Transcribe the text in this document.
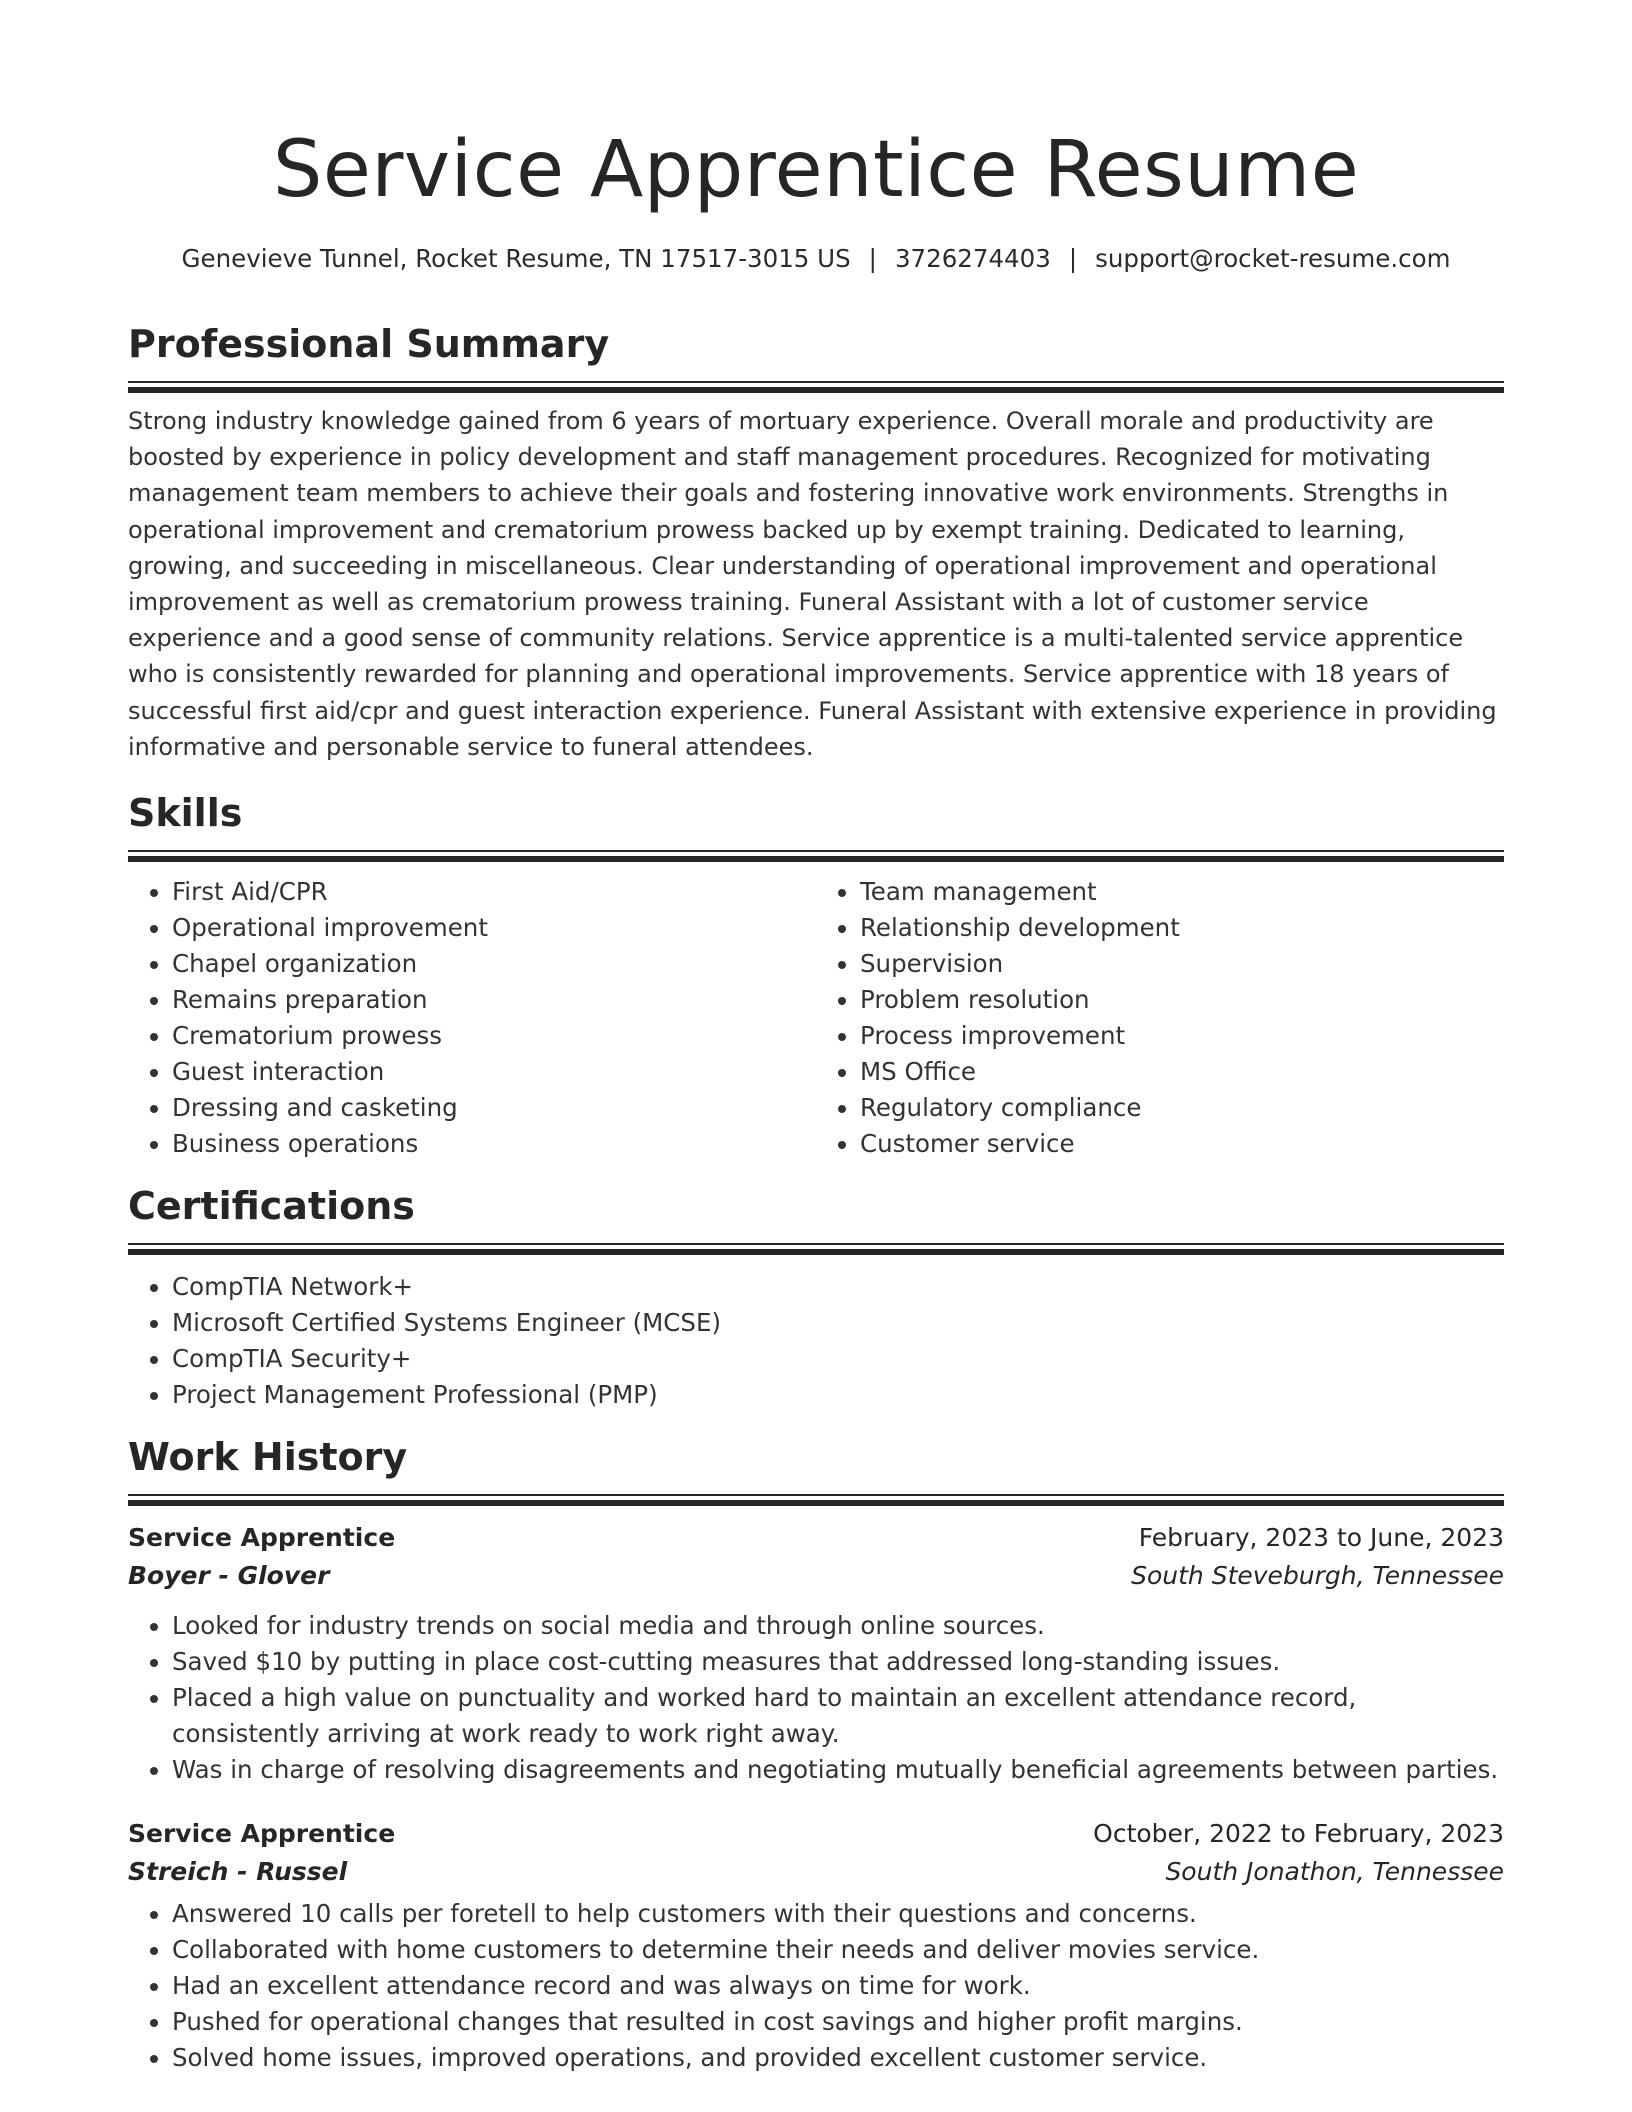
Service Apprentice Resume
Genevieve Tunnel, Rocket Resume, TN 17517-3015 US | 3726274403 | support@rocket-resume.com
Professional Summary

Strong industry knowledge gained from 6 years of mortuary experience. Overall morale and productivity are boosted by experience in policy development and staff management procedures. Recognized for motivating management team members to achieve their goals and fostering innovative work environments. Strengths in operational improvement and crematorium prowess backed up by exempt training. Dedicated to learning, growing, and succeeding in miscellaneous. Clear understanding of operational improvement and operational improvement as well as crematorium prowess training. Funeral Assistant with a lot of customer service experience and a good sense of community relations. Service apprentice is a multi-talented service apprentice who is consistently rewarded for planning and operational improvements. Service apprentice with 18 years of successful first aid/cpr and guest interaction experience. Funeral Assistant with extensive experience in providing informative and personable service to funeral attendees.

Skills
• First Aid/CPR
• Operational improvement
• Chapel organization
• Remains preparation
• Crematorium prowess
• Guest interaction
• Dressing and casketing
• Business operations
• Team management
• Relationship development
• Supervision
• Problem resolution
• Process improvement
• MS Office
• Regulatory compliance
• Customer service
Certifications
• CompTIA Network+
• Microsoft Certified Systems Engineer (MCSE)
• CompTIA Security+
• Project Management Professional (PMP)
Work History
Service Apprentice	February, 2023 to June, 2023
Boyer - Glover	South Steveburgh, Tennessee
• Looked for industry trends on social media and through online sources.
• Saved $10 by putting in place cost-cutting measures that addressed long-standing issues.
• Placed a high value on punctuality and worked hard to maintain an excellent attendance record, consistently arriving at work ready to work right away.
• Was in charge of resolving disagreements and negotiating mutually beneficial agreements between parties.
Service Apprentice	October, 2022 to February, 2023
Streich - Russel	South Jonathon, Tennessee
• Answered 10 calls per foretell to help customers with their questions and concerns.
• Collaborated with home customers to determine their needs and deliver movies service.
• Had an excellent attendance record and was always on time for work.
• Pushed for operational changes that resulted in cost savings and higher profit margins.
• Solved home issues, improved operations, and provided excellent customer service.
